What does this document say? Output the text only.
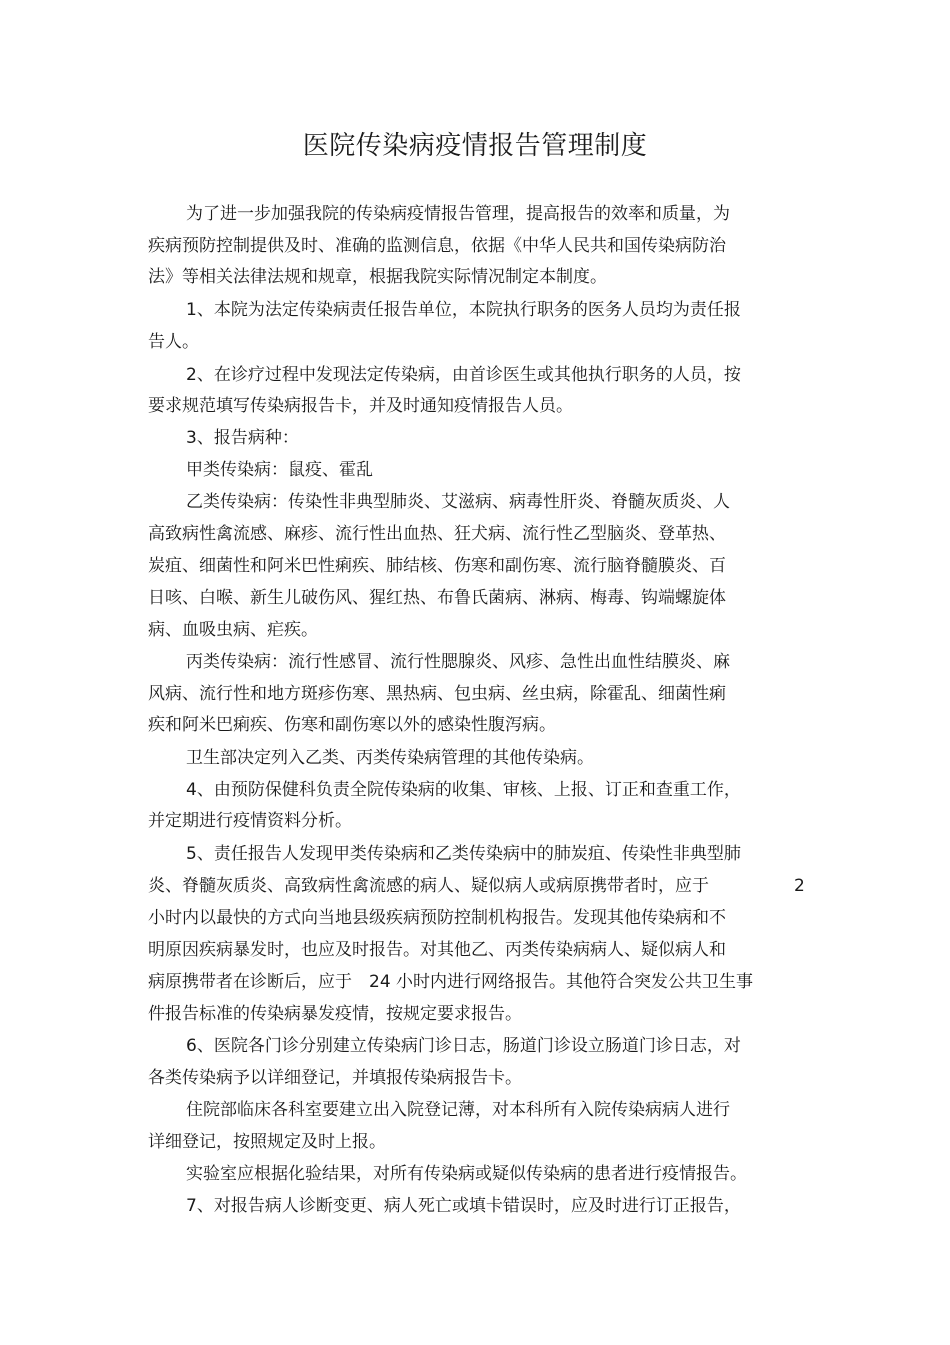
医院传染病疫情报告管理制度

为了进一步加强我院的传染病疫情报告管理，提高报告的效率和质量，为

疾病预防控制提供及时、准确的监测信息，依据《中华人民共和国传染病防治

法》等相关法律法规和规章，根据我院实际情况制定本制度。

1、本院为法定传染病责任报告单位，本院执行职务的医务人员均为责任报

告人。

2、在诊疗过程中发现法定传染病，由首诊医生或其他执行职务的人员，按

要求规范填写传染病报告卡，并及时通知疫情报告人员。

3、报告病种：

甲类传染病：鼠疫、霍乱

乙类传染病：传染性非典型肺炎、艾滋病、病毒性肝炎、脊髓灰质炎、人

高致病性禽流感、麻疹、流行性出血热、狂犬病、流行性乙型脑炎、登革热、

炭疽、细菌性和阿米巴性痢疾、肺结核、伤寒和副伤寒、流行脑脊髓膜炎、百

日咳、白喉、新生儿破伤风、猩红热、布鲁氏菌病、淋病、梅毒、钩端螺旋体

病、血吸虫病、疟疾。

丙类传染病：流行性感冒、流行性腮腺炎、风疹、急性出血性结膜炎、麻

风病、流行性和地方斑疹伤寒、黑热病、包虫病、丝虫病，除霍乱、细菌性痢

疾和阿米巴痢疾、伤寒和副伤寒以外的感染性腹泻病。

卫生部决定列入乙类、丙类传染病管理的其他传染病。

4、由预防保健科负责全院传染病的收集、审核、上报、订正和查重工作，

并定期进行疫情资料分析。

5、责任报告人发现甲类传染病和乙类传染病中的肺炭疽、传染性非典型肺

炎、脊髓灰质炎、高致病性禽流感的病人、疑似病人或病原携带者时，应于	2

小时内以最快的方式向当地县级疾病预防控制机构报告。发现其他传染病和不

明原因疾病暴发时，也应及时报告。对其他乙、丙类传染病病人、疑似病人和

病原携带者在诊断后，应于　24 小时内进行网络报告。其他符合突发公共卫生事

件报告标准的传染病暴发疫情，按规定要求报告。

6、医院各门诊分别建立传染病门诊日志，肠道门诊设立肠道门诊日志，对

各类传染病予以详细登记，并填报传染病报告卡。

住院部临床各科室要建立出入院登记薄，对本科所有入院传染病病人进行

详细登记，按照规定及时上报。

实验室应根据化验结果，对所有传染病或疑似传染病的患者进行疫情报告。

7、对报告病人诊断变更、病人死亡或填卡错误时，应及时进行订正报告，
